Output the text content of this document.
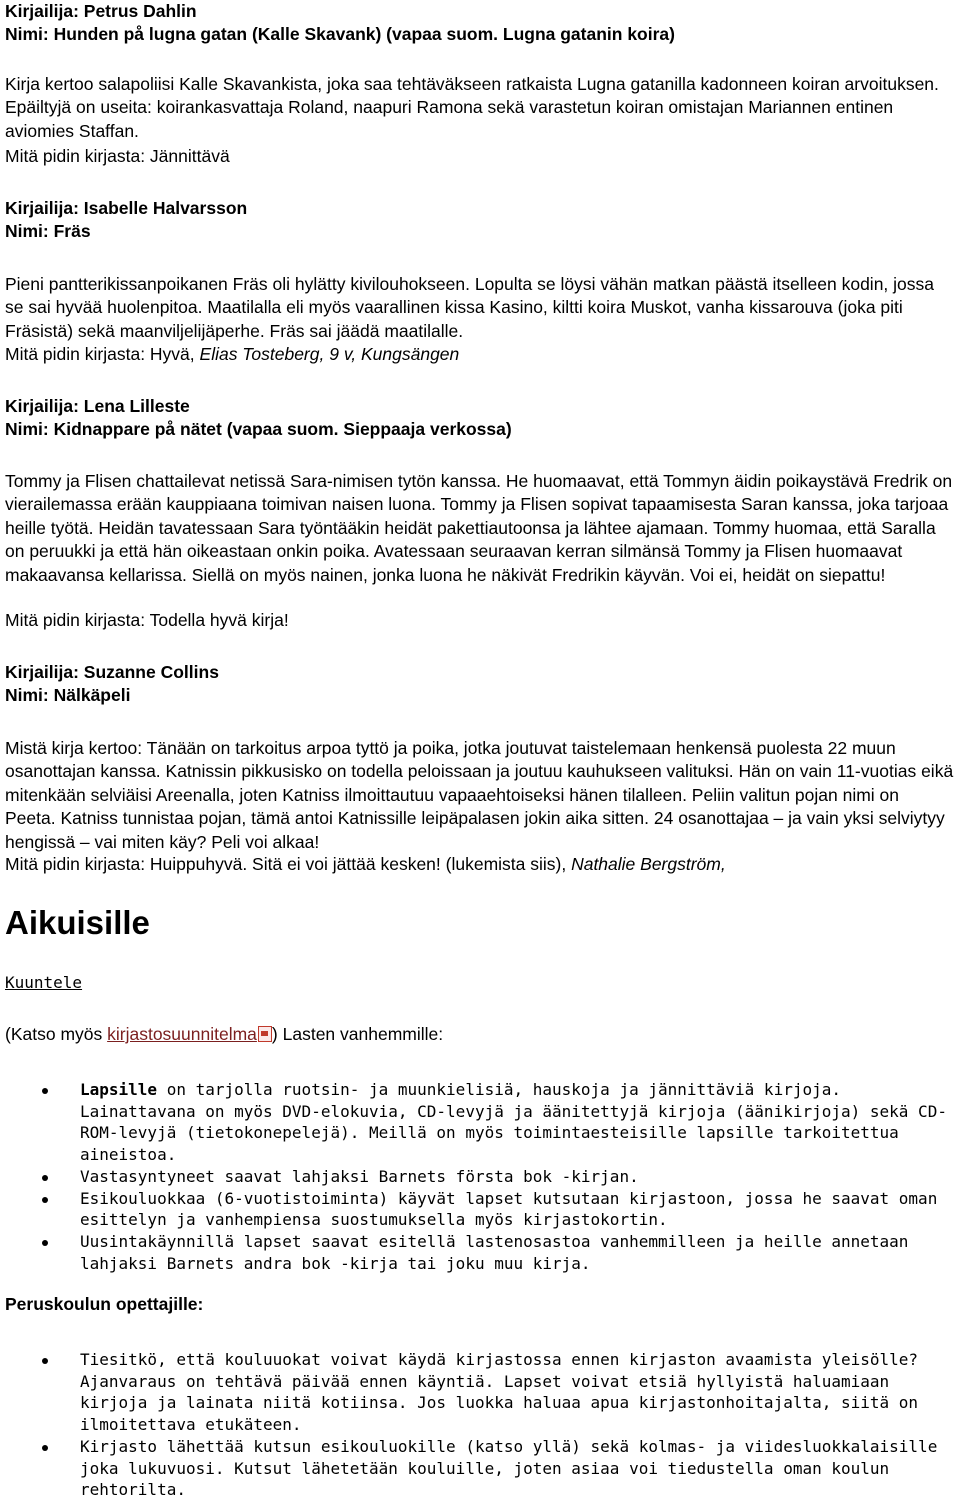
Kirjailija: Petrus Dahlin

Nimi: Hunden på lugna gatan (Kalle Skavank) (vapaa suom. Lugna gatanin koira)

Kirja kertoo salapoliisi Kalle Skavankista, joka saa tehtäväkseen ratkaista Lugna gatanilla kadonneen koiran arvoituksen. Epäiltyjä on useita: koirankasvattaja Roland, naapuri Ramona sekä varastetun koiran omistajan Mariannen entinen aviomies Staffan.

Mitä pidin kirjasta: Jännittävä

Kirjailija: Isabelle Halvarsson

Nimi: Fräs

Pieni pantterikissanpoikanen Fräs oli hylätty kivilouhokseen. Lopulta se löysi vähän matkan päästä itselleen kodin, jossa se sai hyvää huolenpitoa. Maatilalla eli myös vaarallinen kissa Kasino, kiltti koira Muskot, vanha kissarouva (joka piti Fräsistä) sekä maanviljelijäperhe. Fräs sai jäädä maatilalle.

Mitä pidin kirjasta: Hyvä, Elias Tosteberg, 9 v, Kungsängen

Kirjailija: Lena Lilleste

Nimi: Kidnappare på nätet (vapaa suom. Sieppaaja verkossa)

Tommy ja Flisen chattailevat netissä Sara-nimisen tytön kanssa. He huomaavat, että Tommyn äidin poikaystävä Fredrik on vierailemassa erään kauppiaana toimivan naisen luona. Tommy ja Flisen sopivat tapaamisesta Saran kanssa, joka tarjoaa heille työtä. Heidän tavatessaan Sara työntääkin heidät pakettiautoonsa ja lähtee ajamaan. Tommy huomaa, että Saralla on peruukki ja että hän oikeastaan onkin poika. Avatessaan seuraavan kerran silmänsä Tommy ja Flisen huomaavat makaavansa kellarissa. Siellä on myös nainen, jonka luona he näkivät Fredrikin käyvän. Voi ei, heidät on siepattu!

Mitä pidin kirjasta: Todella hyvä kirja!

Kirjailija: Suzanne Collins

Nimi: Nälkäpeli

Mistä kirja kertoo: Tänään on tarkoitus arpoa tyttö ja poika, jotka joutuvat taistelemaan henkensä puolesta 22 muun osanottajan kanssa. Katnissin pikkusisko on todella peloissaan ja joutuu kauhukseen valituksi. Hän on vain 11-vuotias eikä mitenkään selviäisi Areenalla, joten Katniss ilmoittautuu vapaaehtoiseksi hänen tilalleen. Peliin valitun pojan nimi on Peeta. Katniss tunnistaa pojan, tämä antoi Katnissille leipäpalasen jokin aika sitten. 24 osanottajaa – ja vain yksi selviytyy hengissä – vai miten käy? Peli voi alkaa!

Mitä pidin kirjasta: Huippuhyvä. Sitä ei voi jättää kesken! (lukemista siis), Nathalie Bergström,

Aikuisille
Kuuntele

(Katso myös kirjastosuunnitelma ) Lasten vanhemmille:

Lapsille on tarjolla ruotsin- ja muunkielisiä, hauskoja ja jännittäviä kirjoja. Lainattavana on myös DVD-elokuvia, CD-levyjä ja äänitettyjä kirjoja (äänikirjoja) sekä CD-ROM-levyjä (tietokonepelejä). Meillä on myös toimintaesteisille lapsille tarkoitettua aineistoa.
Vastasyntyneet saavat lahjaksi Barnets första bok -kirjan.
Esikouluokkaa (6-vuotistoiminta) käyvät lapset kutsutaan kirjastoon, jossa he saavat oman esittelyn ja vanhempiensa suostumuksella myös kirjastokortin.
Uusintakäynnillä lapset saavat esitellä lastenosastoa vanhemmilleen ja heille annetaan lahjaksi Barnets andra bok -kirja tai joku muu kirja.

Peruskoulun opettajille:

Tiesitkö, että kouluuokat voivat käydä kirjastossa ennen kirjaston avaamista yleisölle? Ajanvaraus on tehtävä päivää ennen käyntiä. Lapset voivat etsiä hyllyistä haluamiaan kirjoja ja lainata niitä kotiinsa. Jos luokka haluaa apua kirjastonhoitajalta, siitä on ilmoitettava etukäteen.
Kirjasto lähettää kutsun esikouluokille (katso yllä) sekä kolmas- ja viidesluokkalaisille joka lukuvuosi. Kutsut lähetetään kouluille, joten asiaa voi tiedustella oman koulun rehtorilta.
